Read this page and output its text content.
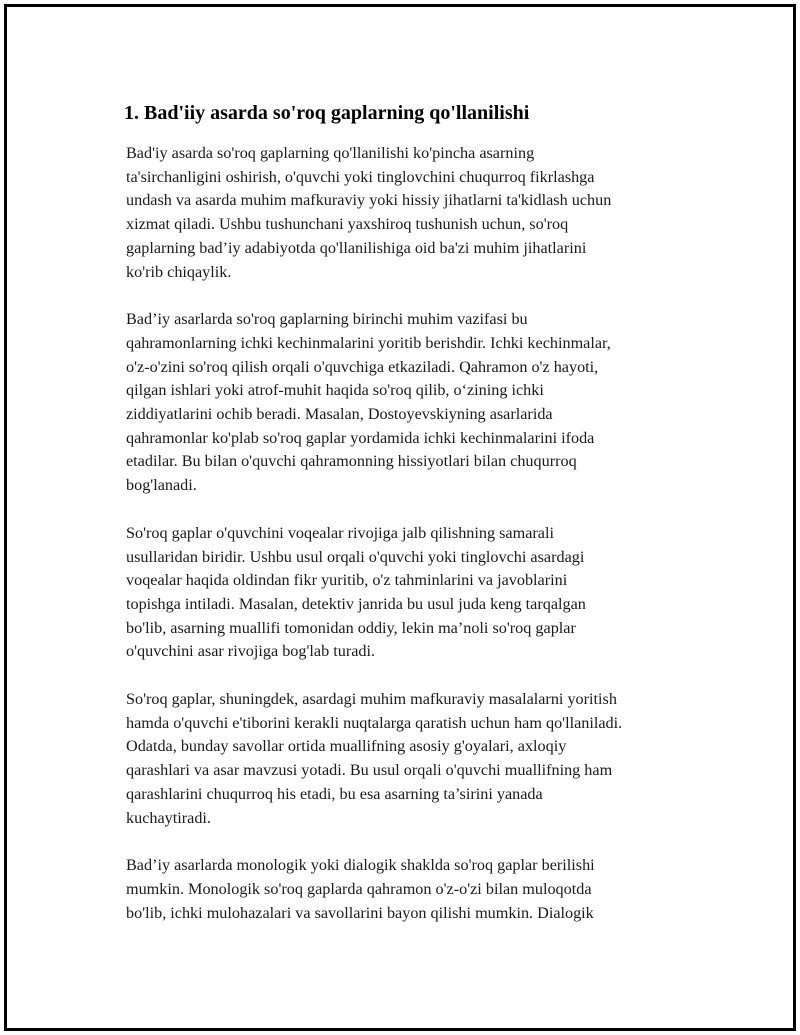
1. Bad'iiy asarda so'roq gaplarning qo'llanilishi

Bad'iy asarda so'roq gaplarning qo'llanilishi ko'pincha asarning
ta'sirchanligini oshirish, o'quvchi yoki tinglovchini chuqurroq fikrlashga
undash va asarda muhim mafkuraviy yoki hissiy jihatlarni ta'kidlash uchun
xizmat qiladi. Ushbu tushunchani yaxshiroq tushunish uchun, so'roq
gaplarning bad’iy adabiyotda qo'llanilishiga oid ba'zi muhim jihatlarini
ko'rib chiqaylik.

Bad’iy asarlarda so'roq gaplarning birinchi muhim vazifasi bu
qahramonlarning ichki kechinmalarini yoritib berishdir. Ichki kechinmalar,
o'z-o'zini so'roq qilish orqali o'quvchiga etkaziladi. Qahramon o'z hayoti,
qilgan ishlari yoki atrof-muhit haqida so'roq qilib, o‘zining ichki
ziddiyatlarini ochib beradi. Masalan, Dostoyevskiyning asarlarida
qahramonlar ko'plab so'roq gaplar yordamida ichki kechinmalarini ifoda
etadilar. Bu bilan o'quvchi qahramonning hissiyotlari bilan chuqurroq
bog'lanadi.

So'roq gaplar o'quvchini voqealar rivojiga jalb qilishning samarali
usullaridan biridir. Ushbu usul orqali o'quvchi yoki tinglovchi asardagi
voqealar haqida oldindan fikr yuritib, o'z tahminlarini va javoblarini
topishga intiladi. Masalan, detektiv janrida bu usul juda keng tarqalgan
bo'lib, asarning muallifi tomonidan oddiy, lekin ma’noli so'roq gaplar
o'quvchini asar rivojiga bog'lab turadi.

So'roq gaplar, shuningdek, asardagi muhim mafkuraviy masalalarni yoritish
hamda o'quvchi e'tiborini kerakli nuqtalarga qaratish uchun ham qo'llaniladi.
Odatda, bunday savollar ortida muallifning asosiy g'oyalari, axloqiy
qarashlari va asar mavzusi yotadi. Bu usul orqali o'quvchi muallifning ham
qarashlarini chuqurroq his etadi, bu esa asarning ta’sirini yanada
kuchaytiradi.

Bad’iy asarlarda monologik yoki dialogik shaklda so'roq gaplar berilishi
mumkin. Monologik so'roq gaplarda qahramon o'z-o'zi bilan muloqotda
bo'lib, ichki mulohazalari va savollarini bayon qilishi mumkin. Dialogik
